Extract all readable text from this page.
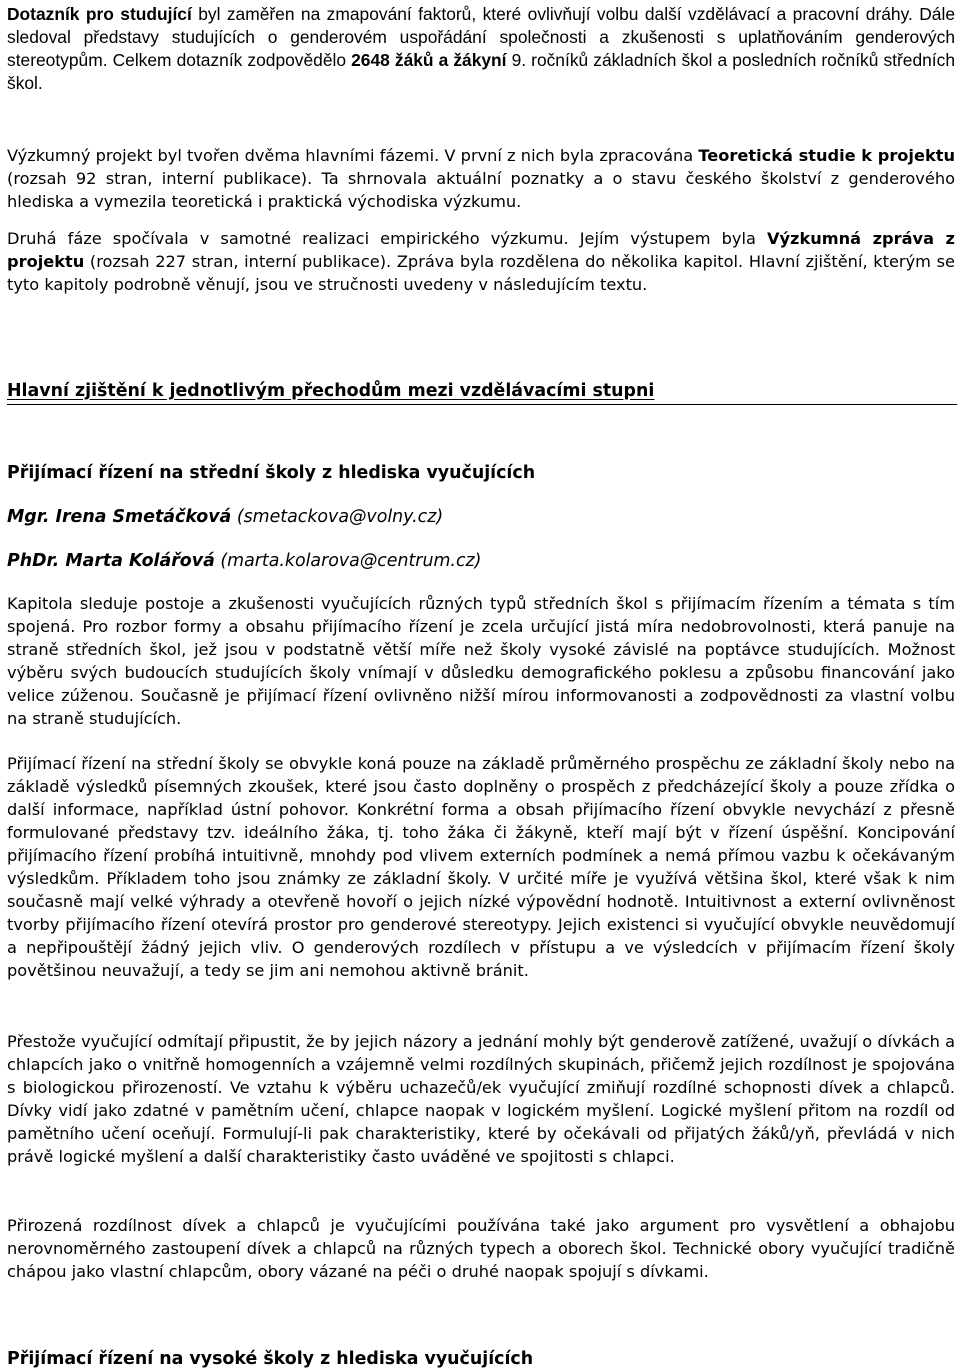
Dotazník pro studující byl zaměřen na zmapování faktorů, které ovlivňují volbu další vzdělávací a pracovní dráhy. Dále sledoval představy studujících o genderovém uspořádání společnosti a zkušenosti s uplatňováním genderových stereotypům. Celkem dotazník zodpovědělo 2648 žáků a žákyní 9. ročníků základních škol a posledních ročníků středních škol.

Výzkumný projekt byl tvořen dvěma hlavními fázemi. V první z nich byla zpracována Teoretická studie k projektu (rozsah 92 stran, interní publikace). Ta shrnovala aktuální poznatky a o stavu českého školství z genderového hlediska a vymezila teoretická i praktická východiska výzkumu.

Druhá fáze spočívala v samotné realizaci empirického výzkumu. Jejím výstupem byla Výzkumná zpráva z projektu (rozsah 227 stran, interní publikace). Zpráva byla rozdělena do několika kapitol. Hlavní zjištění, kterým se tyto kapitoly podrobně věnují, jsou ve stručnosti uvedeny v následujícím textu.

Hlavní zjištění k jednotlivým přechodům mezi vzdělávacími stupni
Přijímací řízení na střední školy z hlediska vyučujících
Mgr. Irena Smetáčková (smetackova@volny.cz)
PhDr. Marta Kolářová (marta.kolarova@centrum.cz)

Kapitola sleduje postoje a zkušenosti vyučujících různých typů středních škol s přijímacím řízením a témata s tím spojená. Pro rozbor formy a obsahu přijímacího řízení je zcela určující jistá míra nedobrovolnosti, která panuje na straně středních škol, jež jsou v podstatně větší míře než školy vysoké závislé na poptávce studujících. Možnost výběru svých budoucích studujících školy vnímají v důsledku demografického poklesu a způsobu financování jako velice zúženou. Současně je přijímací řízení ovlivněno nižší mírou informovanosti a zodpovědnosti za vlastní volbu na straně studujících.

Přijímací řízení na střední školy se obvykle koná pouze na základě průměrného prospěchu ze základní školy nebo na základě výsledků písemných zkoušek, které jsou často doplněny o prospěch z předcházející školy a pouze zřídka o další informace, například ústní pohovor. Konkrétní forma a obsah přijímacího řízení obvykle nevychází z přesně formulované představy tzv. ideálního žáka, tj. toho žáka či žákyně, kteří mají být v řízení úspěšní. Koncipování přijímacího řízení probíhá intuitivně, mnohdy pod vlivem externích podmínek a nemá přímou vazbu k očekávaným výsledkům. Příkladem toho jsou známky ze základní školy. V určité míře je využívá většina škol, které však k nim současně mají velké výhrady a otevřeně hovoří o jejich nízké výpovědní hodnotě. Intuitivnost a externí ovlivněnost tvorby přijímacího řízení otevírá prostor pro genderové stereotypy. Jejich existenci si vyučující obvykle neuvědomují a nepřipouštějí žádný jejich vliv. O genderových rozdílech v přístupu a ve výsledcích v přijímacím řízení školy povětšinou neuvažují, a tedy se jim ani nemohou aktivně bránit.

Přestože vyučující odmítají připustit, že by jejich názory a jednání mohly být genderově zatížené, uvažují o dívkách a chlapcích jako o vnitřně homogenních a vzájemně velmi rozdílných skupinách, přičemž jejich rozdílnost je spojována s biologickou přirozeností. Ve vztahu k výběru uchazečů/ek vyučující zmiňují rozdílné schopnosti dívek a chlapců. Dívky vidí jako zdatné v pamětním učení, chlapce naopak v logickém myšlení. Logické myšlení přitom na rozdíl od pamětního učení oceňují. Formulují-li pak charakteristiky, které by očekávali od přijatých žáků/yň, převládá v nich právě logické myšlení a další charakteristiky často uváděné ve spojitosti s chlapci.

Přirozená rozdílnost dívek a chlapců je vyučujícími používána také jako argument pro vysvětlení a obhajobu nerovnoměrného zastoupení dívek a chlapců na různých typech a oborech škol. Technické obory vyučující tradičně chápou jako vlastní chlapcům, obory vázané na péči o druhé naopak spojují s dívkami.

Přijímací řízení na vysoké školy z hlediska vyučujících
